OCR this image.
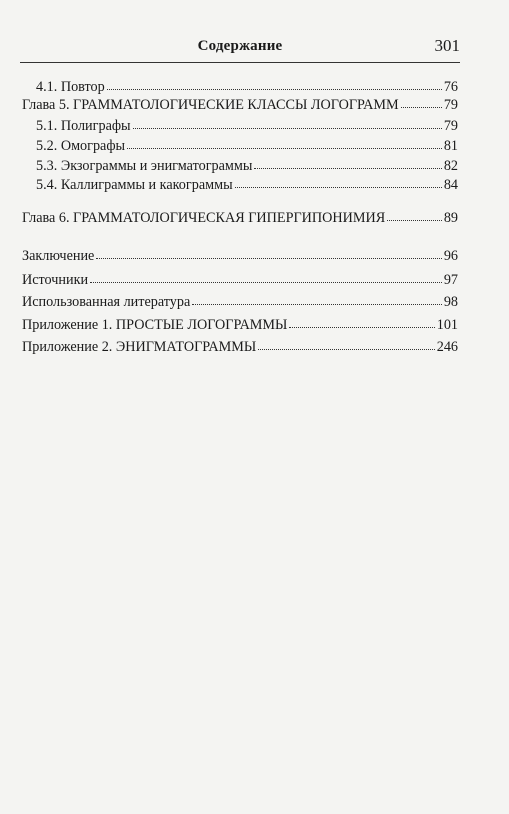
Содержание	301
4.1. Повтор	76
Глава 5. ГРАММАТОЛОГИЧЕСКИЕ КЛАССЫ ЛОГОГРАММ	79
5.1. Полиграфы	79
5.2. Омографы	81
5.3. Экзограммы и энигматограммы	82
5.4. Каллиграммы и какограммы	84
Глава 6. ГРАММАТОЛОГИЧЕСКАЯ ГИПЕРГИПОНИМИЯ	89
Заключение	96
Источники	97
Использованная литература	98
Приложение 1. ПРОСТЫЕ ЛОГОГРАММЫ	101
Приложение 2. ЭНИГМАТОГРАММЫ	246
